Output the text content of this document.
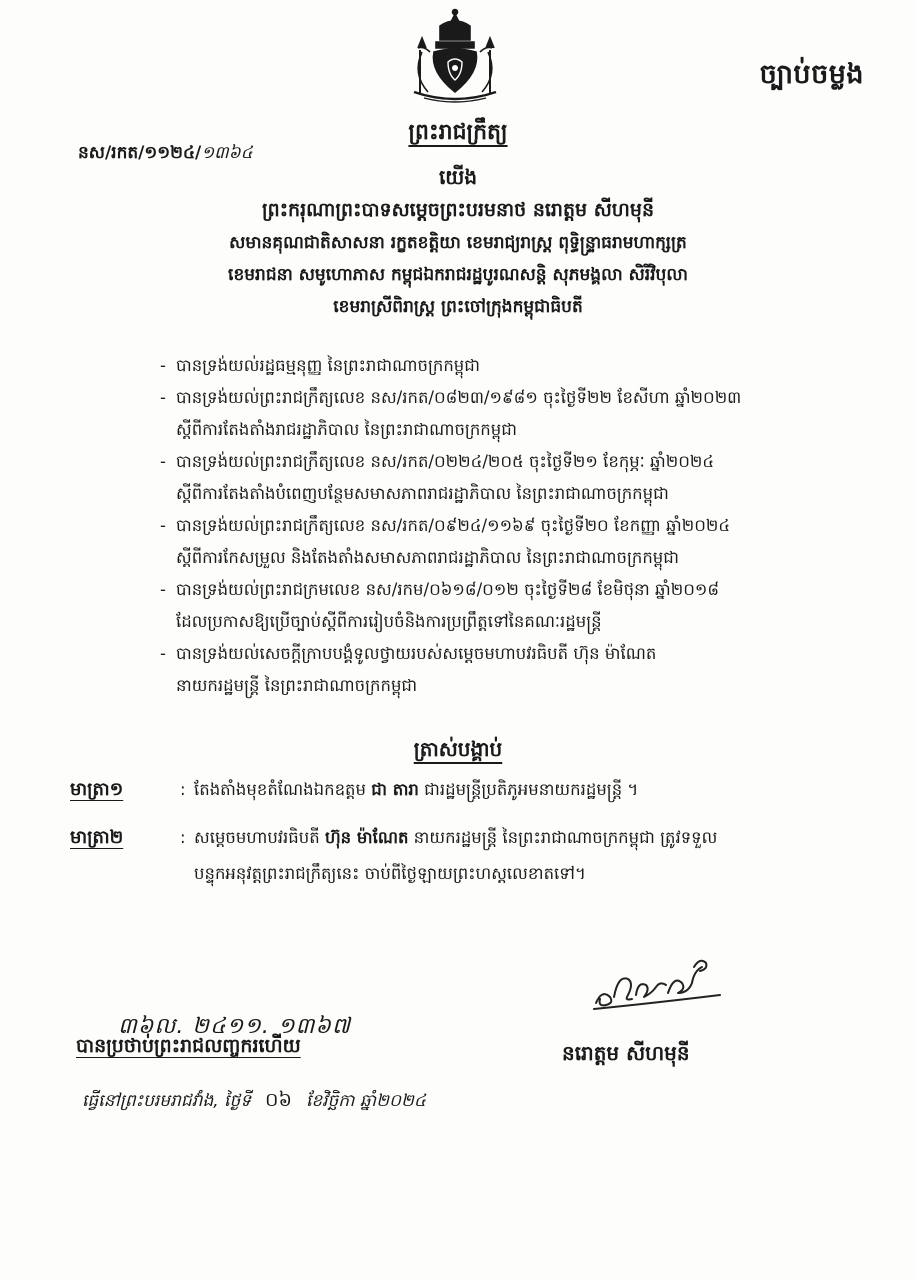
ច្បាប់ចម្លង
ព្រះរាជក្រឹត្យ
នស/រកត/១១២៤/១៣៦៤
យើង
ព្រះករុណាព្រះបាទសម្តេចព្រះបរមនាថ នរោត្តម សីហមុនី
សមានគុណជាតិសាសនា រក្ខតខត្តិយា ខេមរាជ្យរាស្ត្រ ពុទ្ធិន្ទ្រាធរាមហាក្សត្រ
ខេមរាជនា សមូហោភាស កម្ពុជឯករាជរដ្ឋបូរណសន្តិ សុភមង្គលា សិរីវិបុលា
ខេមរាស្រីពិរាស្ត្រ ព្រះចៅក្រុងកម្ពុជាធិបតី
- បានទ្រង់យល់រដ្ឋធម្មនុញ្ញ នៃព្រះរាជាណាចក្រកម្ពុជា
- បានទ្រង់យល់ព្រះរាជក្រឹត្យលេខ នស/រកត/០៨២៣/១៩៨១ ចុះថ្ងៃទី២២ ខែសីហា ឆ្នាំ២០២៣
ស្តីពីការតែងតាំងរាជរដ្ឋាភិបាល នៃព្រះរាជាណាចក្រកម្ពុជា
- បានទ្រង់យល់ព្រះរាជក្រឹត្យលេខ នស/រកត/០២២៤/២០៥ ចុះថ្ងៃទី២១ ខែកុម្ភៈ ឆ្នាំ២០២៤
ស្តីពីការតែងតាំងបំពេញបន្ថែមសមាសភាពរាជរដ្ឋាភិបាល នៃព្រះរាជាណាចក្រកម្ពុជា
- បានទ្រង់យល់ព្រះរាជក្រឹត្យលេខ នស/រកត/០៩២៤/១១៦៩ ចុះថ្ងៃទី២០ ខែកញ្ញា ឆ្នាំ២០២៤
ស្តីពីការកែសម្រួល និងតែងតាំងសមាសភាពរាជរដ្ឋាភិបាល នៃព្រះរាជាណាចក្រកម្ពុជា
- បានទ្រង់យល់ព្រះរាជក្រមលេខ នស/រកម/០៦១៨/០១២ ចុះថ្ងៃទី២៨ ខែមិថុនា ឆ្នាំ២០១៨
ដែលប្រកាសឱ្យប្រើច្បាប់ស្តីពីការរៀបចំនិងការប្រព្រឹត្តទៅនៃគណៈរដ្ឋមន្ត្រី
- បានទ្រង់យល់សេចក្តីក្រាបបង្គំទូលថ្វាយរបស់សម្តេចមហាបវរធិបតី ហ៊ុន ម៉ាណែត
នាយករដ្ឋមន្ត្រី នៃព្រះរាជាណាចក្រកម្ពុជា
ត្រាស់បង្គាប់
មាត្រា១	: តែងតាំងមុខតំណែងឯកឧត្តម ជា តារា ជារដ្ឋមន្ត្រីប្រតិភូអមនាយករដ្ឋមន្ត្រី ។
មាត្រា២	: សម្តេចមហាបវរធិបតី ហ៊ុន ម៉ាណែត នាយករដ្ឋមន្ត្រី នៃព្រះរាជាណាចក្រកម្ពុជា ត្រូវទទួល
បន្ទុកអនុវត្តព្រះរាជក្រឹត្យនេះ ចាប់ពីថ្ងៃឡាយព្រះហស្តលេខាតទៅ។
នរោត្តម សីហមុនី
៣៦ល. ២៤១១. ១៣៦៧
បានប្រថាប់ព្រះរាជលញ្ចករហើយ
ធ្វើនៅព្រះបរមរាជវាំង, ថ្ងៃទី ០៦ ខែវិច្ឆិកា ឆ្នាំ២០២៤
